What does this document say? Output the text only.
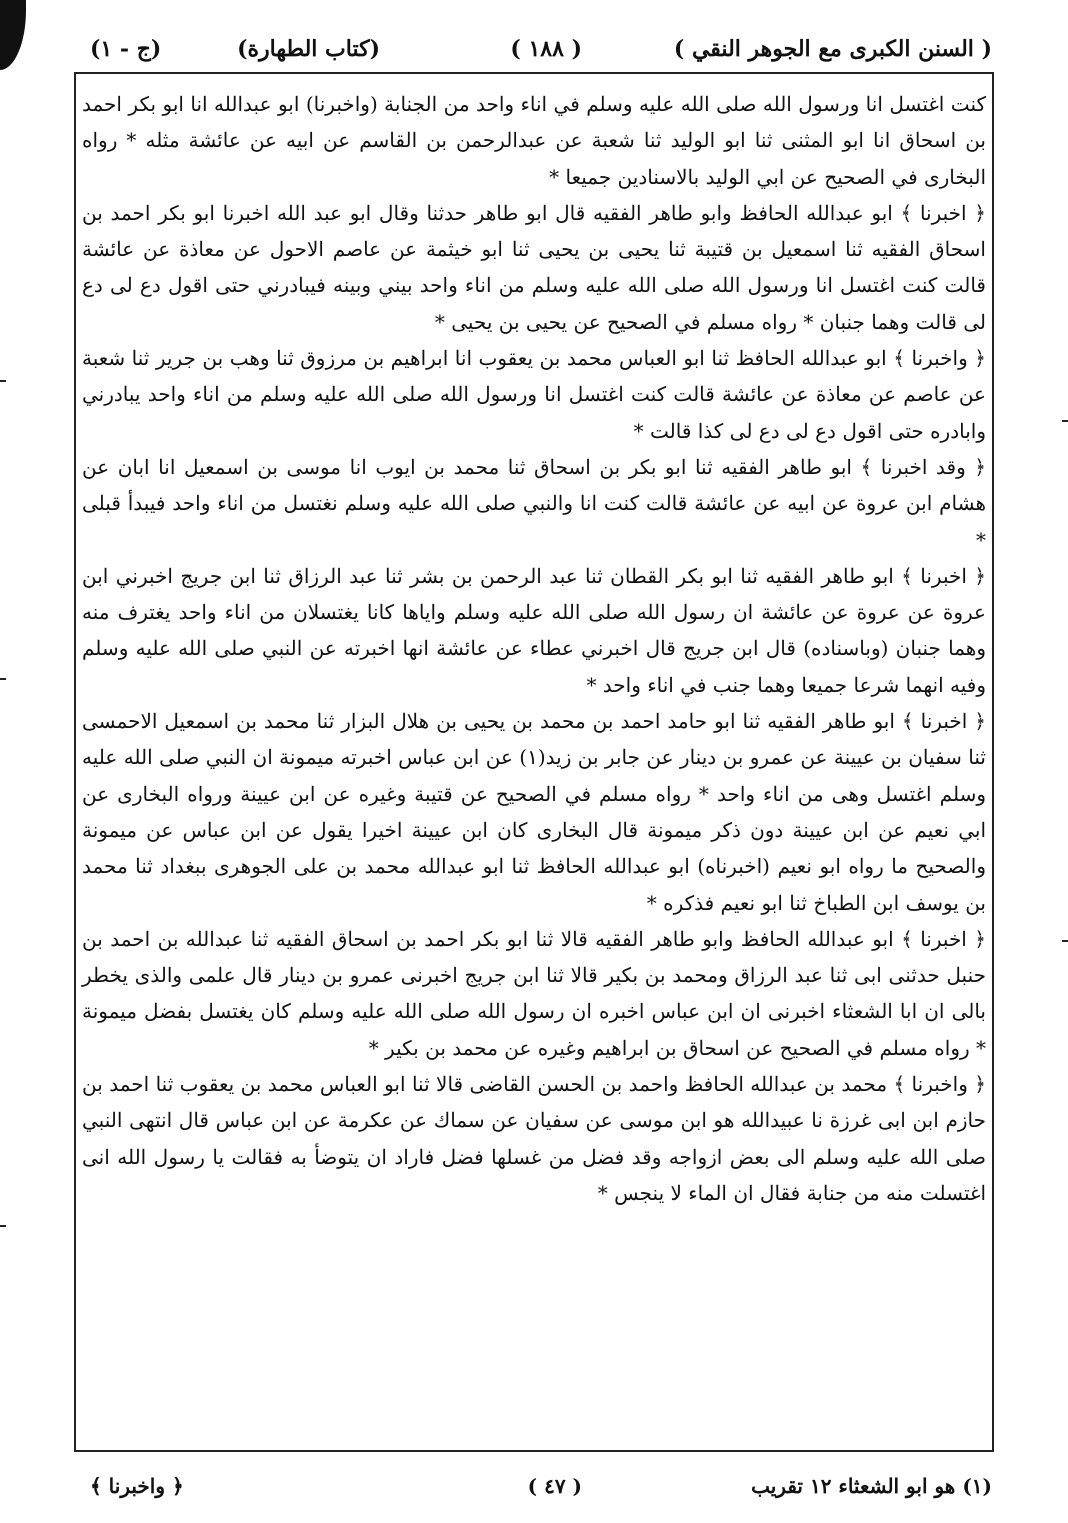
( السنن الكبرى مع الجوهر النقي )
( ١٨٨ )
(كتاب الطهارة)
(ج - ١)

كنت اغتسل انا ورسول الله صلى الله عليه وسلم في اناء واحد من الجنابة (واخبرنا) ابو عبدالله انا ابو بكر احمد بن اسحاق انا ابو المثنى ثنا ابو الوليد ثنا شعبة عن عبدالرحمن بن القاسم عن ابيه عن عائشة مثله * رواه البخارى في الصحيح عن ابي الوليد بالاسنادين جميعا *

﴿ اخبرنا ﴾ ابو عبدالله الحافظ وابو طاهر الفقيه قال ابو طاهر حدثنا وقال ابو عبد الله اخبرنا ابو بكر احمد بن اسحاق الفقيه ثنا اسمعيل بن قتيبة ثنا يحيى بن يحيى ثنا ابو خيثمة عن عاصم الاحول عن معاذة عن عائشة قالت كنت اغتسل انا ورسول الله صلى الله عليه وسلم من اناء واحد بيني وبينه فيبادرني حتى اقول دع لى دع لى قالت وهما جنبان * رواه مسلم في الصحيح عن يحيى بن يحيى *

﴿ واخبرنا ﴾ ابو عبدالله الحافظ ثنا ابو العباس محمد بن يعقوب انا ابراهيم بن مرزوق ثنا وهب بن جرير ثنا شعبة عن عاصم عن معاذة عن عائشة قالت كنت اغتسل انا ورسول الله صلى الله عليه وسلم من اناء واحد يبادرني وابادره حتى اقول دع لى دع لى كذا قالت *

﴿ وقد اخبرنا ﴾ ابو طاهر الفقيه ثنا ابو بكر بن اسحاق ثنا محمد بن ايوب انا موسى بن اسمعيل انا ابان عن هشام ابن عروة عن ابيه عن عائشة قالت كنت انا والنبي صلى الله عليه وسلم نغتسل من اناء واحد فيبدأ قبلى *

﴿ اخبرنا ﴾ ابو طاهر الفقيه ثنا ابو بكر القطان ثنا عبد الرحمن بن بشر ثنا عبد الرزاق ثنا ابن جريج اخبرني ابن عروة عن عروة عن عائشة ان رسول الله صلى الله عليه وسلم واياها كانا يغتسلان من اناء واحد يغترف منه وهما جنبان (وباسناده) قال ابن جريج قال اخبرني عطاء عن عائشة انها اخبرته عن النبي صلى الله عليه وسلم وفيه انهما شرعا جميعا وهما جنب في اناء واحد *

﴿ اخبرنا ﴾ ابو طاهر الفقيه ثنا ابو حامد احمد بن محمد بن يحيى بن هلال البزار ثنا محمد بن اسمعيل الاحمسى ثنا سفيان بن عيينة عن عمرو بن دينار عن جابر بن زيد(١) عن ابن عباس اخبرته ميمونة ان النبي صلى الله عليه وسلم اغتسل وهى من اناء واحد * رواه مسلم في الصحيح عن قتيبة وغيره عن ابن عيينة ورواه البخارى عن ابي نعيم عن ابن عيينة دون ذكر ميمونة قال البخارى كان ابن عيينة اخيرا يقول عن ابن عباس عن ميمونة والصحيح ما رواه ابو نعيم (اخبرناه) ابو عبدالله الحافظ ثنا ابو عبدالله محمد بن على الجوهرى ببغداد ثنا محمد بن يوسف ابن الطباخ ثنا ابو نعيم فذكره *

﴿ اخبرنا ﴾ ابو عبدالله الحافظ وابو طاهر الفقيه قالا ثنا ابو بكر احمد بن اسحاق الفقيه ثنا عبدالله بن احمد بن حنبل حدثنى ابى ثنا عبد الرزاق ومحمد بن بكير قالا ثنا ابن جريج اخبرنى عمرو بن دينار قال علمى والذى يخطر بالى ان ابا الشعثاء اخبرنى ان ابن عباس اخبره ان رسول الله صلى الله عليه وسلم كان يغتسل بفضل ميمونة * رواه مسلم في الصحيح عن اسحاق بن ابراهيم وغيره عن محمد بن بكير *

﴿ واخبرنا ﴾ محمد بن عبدالله الحافظ واحمد بن الحسن القاضى قالا ثنا ابو العباس محمد بن يعقوب ثنا احمد بن حازم ابن ابى غرزة نا عبيدالله هو ابن موسى عن سفيان عن سماك عن عكرمة عن ابن عباس قال انتهى النبي صلى الله عليه وسلم الى بعض ازواجه وقد فضل من غسلها فضل فاراد ان يتوضأ به فقالت يا رسول الله انى اغتسلت منه من جنابة فقال ان الماء لا ينجس *

(١) هو ابو الشعثاء ١٢ تقريب
( ٤٧ )
﴿ واخبرنا ﴾
